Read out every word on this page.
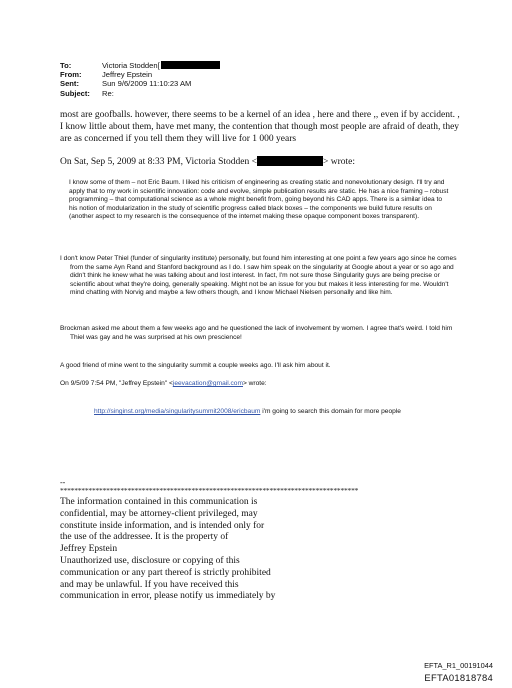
To:	Victoria Stodden[
From:	Jeffrey Epstein
Sent:	Sun 9/6/2009 11:10:23 AM
Subject:	Re:
most are goofballs. however, there seems to be a kernel of an idea , here and there ,, even if by accident. , I know little about them, have met many, the contention that though most people are afraid of death, they are as concerned if you tell them they will live for 1 000 years
On Sat, Sep 5, 2009 at 8:33 PM, Victoria Stodden <	> wrote:
I know some of them – not Eric Baum. I liked his criticism of engineering as creating static and nonevolutionary design. I'll try and apply that to my work in scientific innovation: code and evolve, simple publication results are static. He has a nice framing – robust programming – that computational science as a whole might benefit from, going beyond his CAD apps. There is a similar idea to his notion of modularization in the study of scientific progress called black boxes – the components we build future results on (another aspect to my research is the consequence of the internet making these opaque component boxes transparent).
I don't know Peter Thiel (funder of singularity institute) personally, but found him interesting at one point a few years ago since he comes from the same Ayn Rand and Stanford background as I do. I saw him speak on the singularity at Google about a year or so ago and didn't think he knew what he was talking about and lost interest. In fact, I'm not sure those Singularity guys are being precise or scientific about what they're doing, generally speaking. Might not be an issue for you but makes it less interesting for me. Wouldn't mind chatting with Norvig and maybe a few others though, and I know Michael Nielsen personally and like him.
Brockman asked me about them a few weeks ago and he questioned the lack of involvement by women. I agree that's weird. I told him Thiel was gay and he was surprised at his own prescience!
A good friend of mine went to the singularity summit a couple weeks ago. I'll ask him about it.
On 9/5/09 7:54 PM, "Jeffrey Epstein" <jeevacation@gmail.com> wrote:
http://singinst.org/media/singularitysummit2008/ericbaum i'm going to search this domain for more people
--
************************************************************************************
The information contained in this communication is
confidential, may be attorney-client privileged, may
constitute inside information, and is intended only for
the use of the addressee. It is the property of
Jeffrey Epstein
Unauthorized use, disclosure or copying of this
communication or any part thereof is strictly prohibited
and may be unlawful. If you have received this
communication in error, please notify us immediately by
EFTA_R1_00191044
EFTA01818784
